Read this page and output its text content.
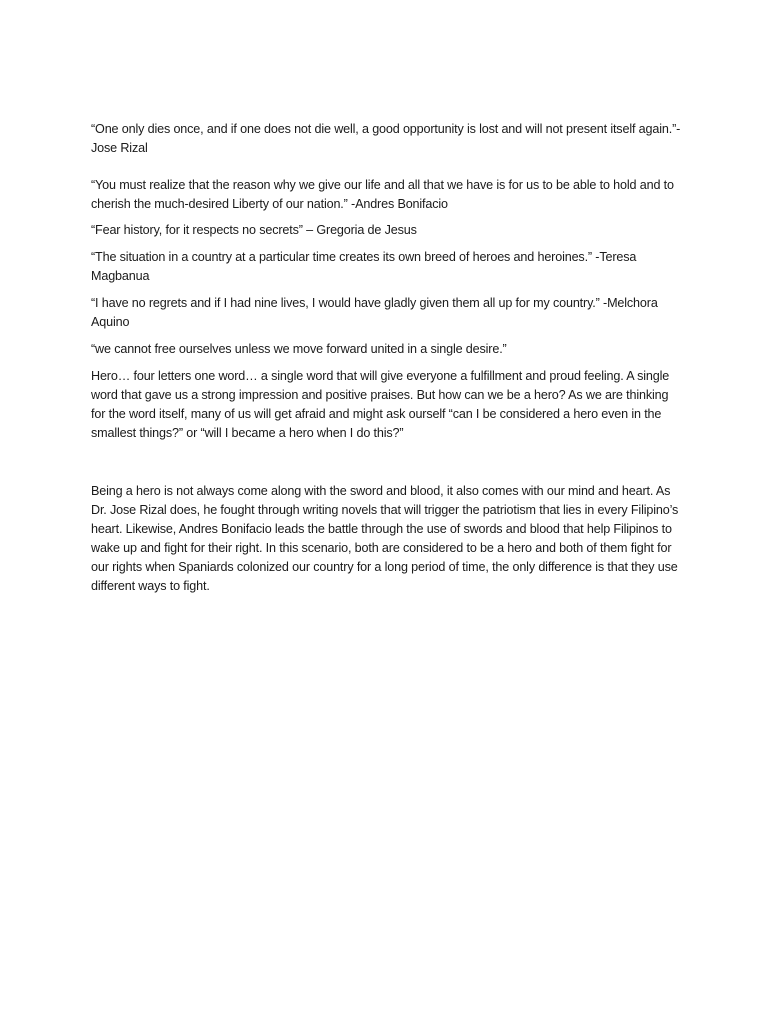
“One only dies once, and if one does not die well, a good opportunity is lost and will not present itself again.”- Jose Rizal

“You must realize that the reason why we give our life and all that we have is for us to be able to hold and to cherish the much-desired Liberty of our nation.” -Andres Bonifacio

“Fear history, for it respects no secrets” – Gregoria de Jesus

“The situation in a country at a particular time creates its own breed of heroes and heroines.” -Teresa Magbanua

“I have no regrets and if I had nine lives, I would have gladly given them all up for my country.” -Melchora Aquino

“we cannot free ourselves unless we move forward united in a single desire.”

Hero… four letters one word… a single word that will give everyone a fulfillment and proud feeling. A single word that gave us a strong impression and positive praises. But how can we be a hero? As we are thinking for the word itself, many of us will get afraid and might ask ourself “can I be considered a hero even in the smallest things?” or “will I became a hero when I do this?”

Being a hero is not always come along with the sword and blood, it also comes with our mind and heart. As Dr. Jose Rizal does, he fought through writing novels that will trigger the patriotism that lies in every Filipino’s heart. Likewise, Andres Bonifacio leads the battle through the use of swords and blood that help Filipinos to wake up and fight for their right. In this scenario, both are considered to be a hero and both of them fight for our rights when Spaniards colonized our country for a long period of time, the only difference is that they use different ways to fight.
